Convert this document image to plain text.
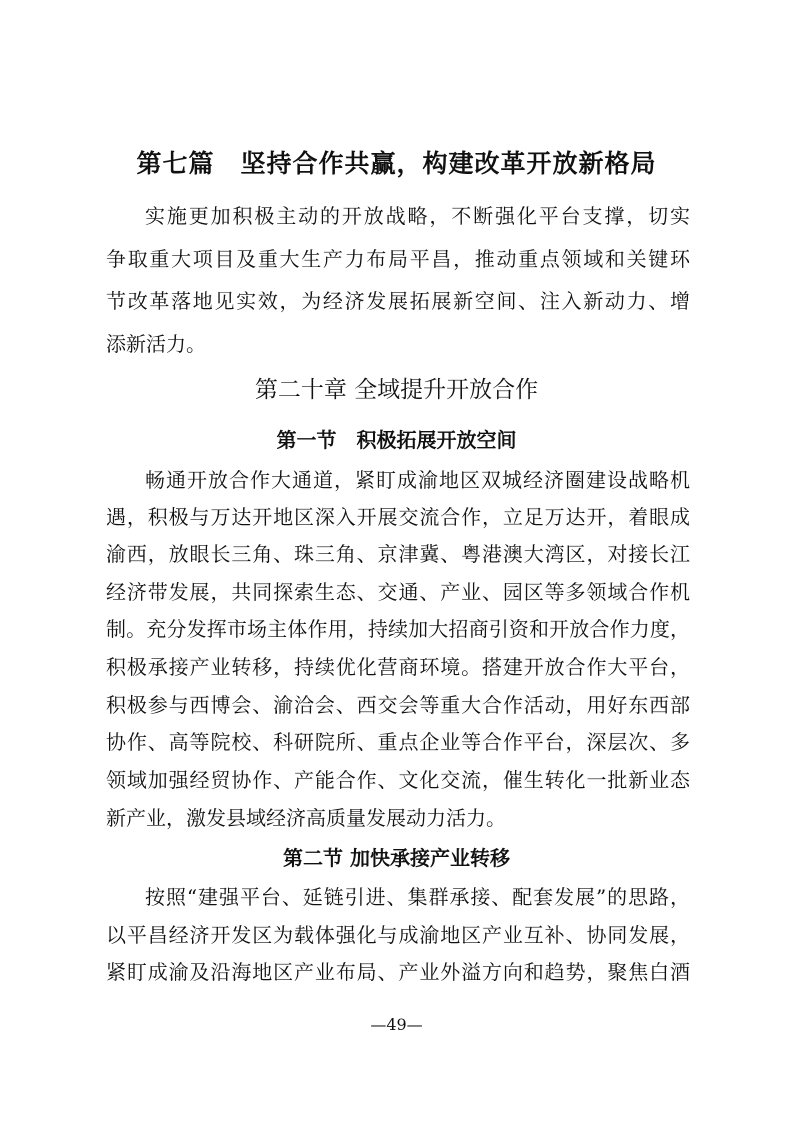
第七篇　坚持合作共赢，构建改革开放新格局
实施更加积极主动的开放战略，不断强化平台支撑，切实
争取重大项目及重大生产力布局平昌，推动重点领域和关键环
节改革落地见实效，为经济发展拓展新空间、注入新动力、增
添新活力。
第二十章 全域提升开放合作
第一节　积极拓展开放空间
畅通开放合作大通道，紧盯成渝地区双城经济圈建设战略机
遇，积极与万达开地区深入开展交流合作，立足万达开，着眼成
渝西，放眼长三角、珠三角、京津冀、粤港澳大湾区，对接长江
经济带发展，共同探索生态、交通、产业、园区等多领域合作机
制。充分发挥市场主体作用，持续加大招商引资和开放合作力度，
积极承接产业转移，持续优化营商环境。搭建开放合作大平台，
积极参与西博会、渝洽会、西交会等重大合作活动，用好东西部
协作、高等院校、科研院所、重点企业等合作平台，深层次、多
领域加强经贸协作、产能合作、文化交流，催生转化一批新业态
新产业，激发县域经济高质量发展动力活力。
第二节 加快承接产业转移
按照“建强平台、延链引进、集群承接、配套发展”的思路，
以平昌经济开发区为载体强化与成渝地区产业互补、协同发展，
紧盯成渝及沿海地区产业布局、产业外溢方向和趋势，聚焦白酒
—49—
